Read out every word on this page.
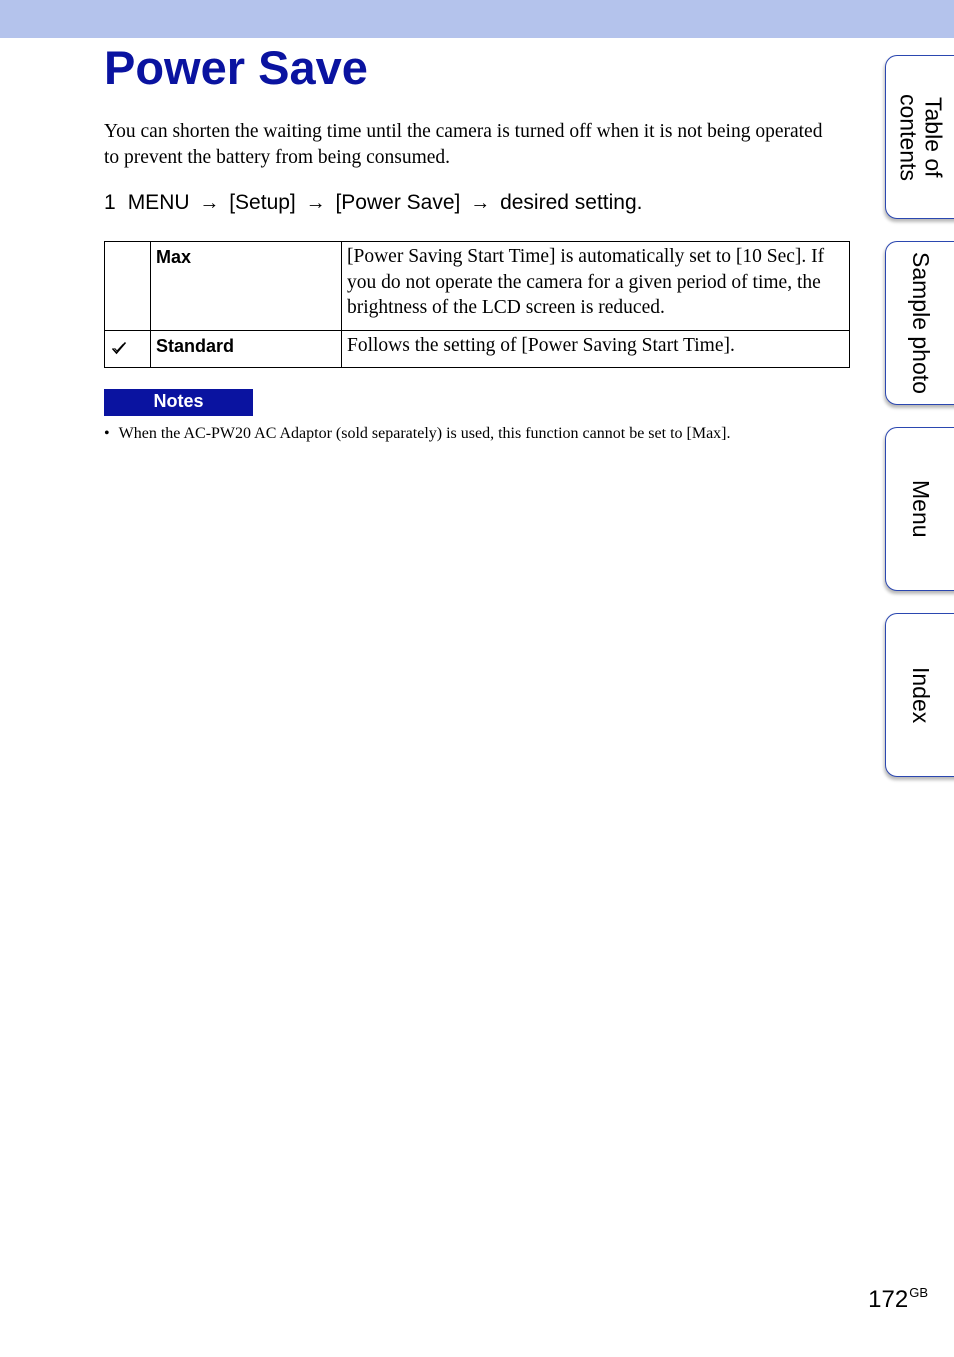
Power Save

You can shorten the waiting time until the camera is turned off when it is not being operated to prevent the battery from being consumed.

1 MENU → [Setup] → [Power Save] → desired setting.

	Max	[Power Saving Start Time] is automatically set to [10 Sec]. If you do not operate the camera for a given period of time, the brightness of the LCD screen is reduced.

	Standard	Follows the setting of [Power Saving Start Time].
Notes

• When the AC-PW20 AC Adaptor (sold separately) is used, this function cannot be set to [Max].

Table of
contents
Sample photo
Menu
Index
$172^{GB}$
